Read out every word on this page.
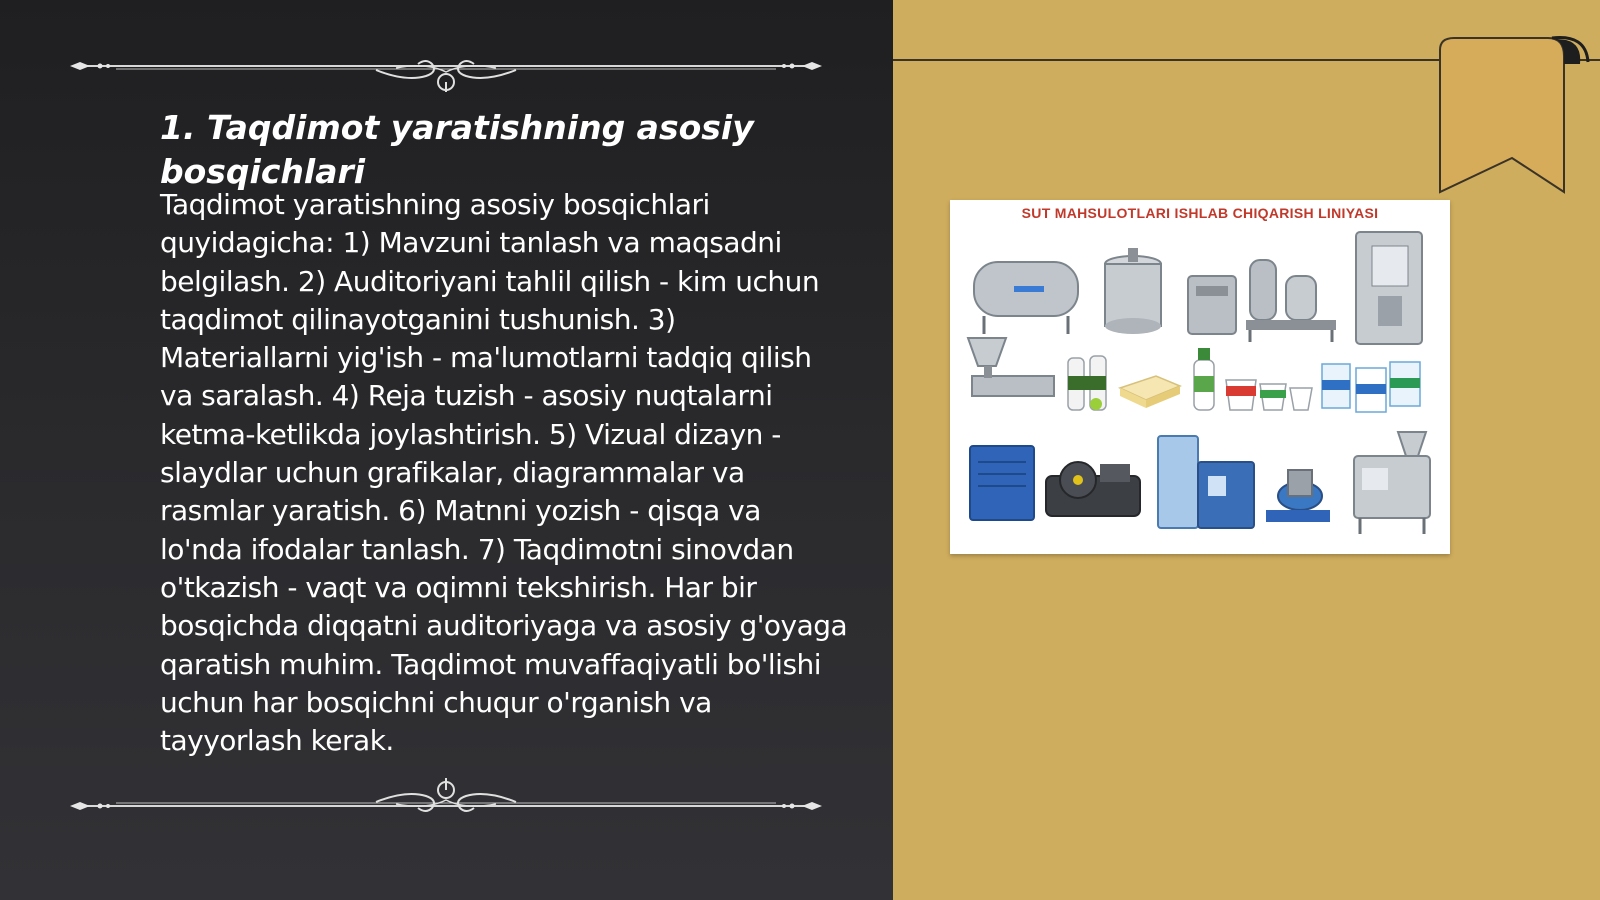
1. Taqdimot yaratishning asosiy bosqichlari

Taqdimot yaratishning asosiy bosqichlari quyidagicha: 1) Mavzuni tanlash va maqsadni belgilash. 2) Auditoriyani tahlil qilish - kim uchun taqdimot qilinayotganini tushunish. 3) Materiallarni yig'ish - ma'lumotlarni tadqiq qilish va saralash. 4) Reja tuzish - asosiy nuqtalarni ketma-ketlikda joylashtirish. 5) Vizual dizayn - slaydlar uchun grafikalar, diagrammalar va rasmlar yaratish. 6) Matnni yozish - qisqa va lo'nda ifodalar tanlash. 7) Taqdimotni sinovdan o'tkazish - vaqt va oqimni tekshirish. Har bir bosqichda diqqatni auditoriyaga va asosiy g'oyaga qaratish muhim. Taqdimot muvaffaqiyatli bo'lishi uchun har bosqichni chuqur o'rganish va tayyorlash kerak.

SUT MAHSULOTLARI ISHLAB CHIQARISH LINIYASI
